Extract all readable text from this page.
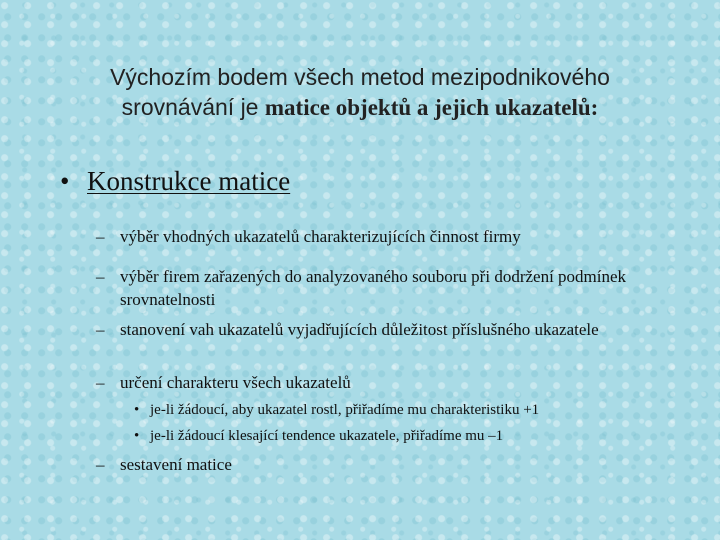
Výchozím bodem všech metod mezipodnikového
srovnávání je matice objektů a jejich ukazatelů:
• Konstrukce matice
– výběr vhodných ukazatelů charakterizujících činnost firmy
– výběr firem zařazených do analyzovaného souboru při dodržení podmínek srovnatelnosti
– stanovení vah ukazatelů vyjadřujících důležitost příslušného ukazatele
– určení charakteru všech ukazatelů
• je-li žádoucí, aby ukazatel rostl, přiřadíme mu charakteristiku +1
• je-li žádoucí klesající tendence ukazatele, přiřadíme mu –1
– sestavení matice
